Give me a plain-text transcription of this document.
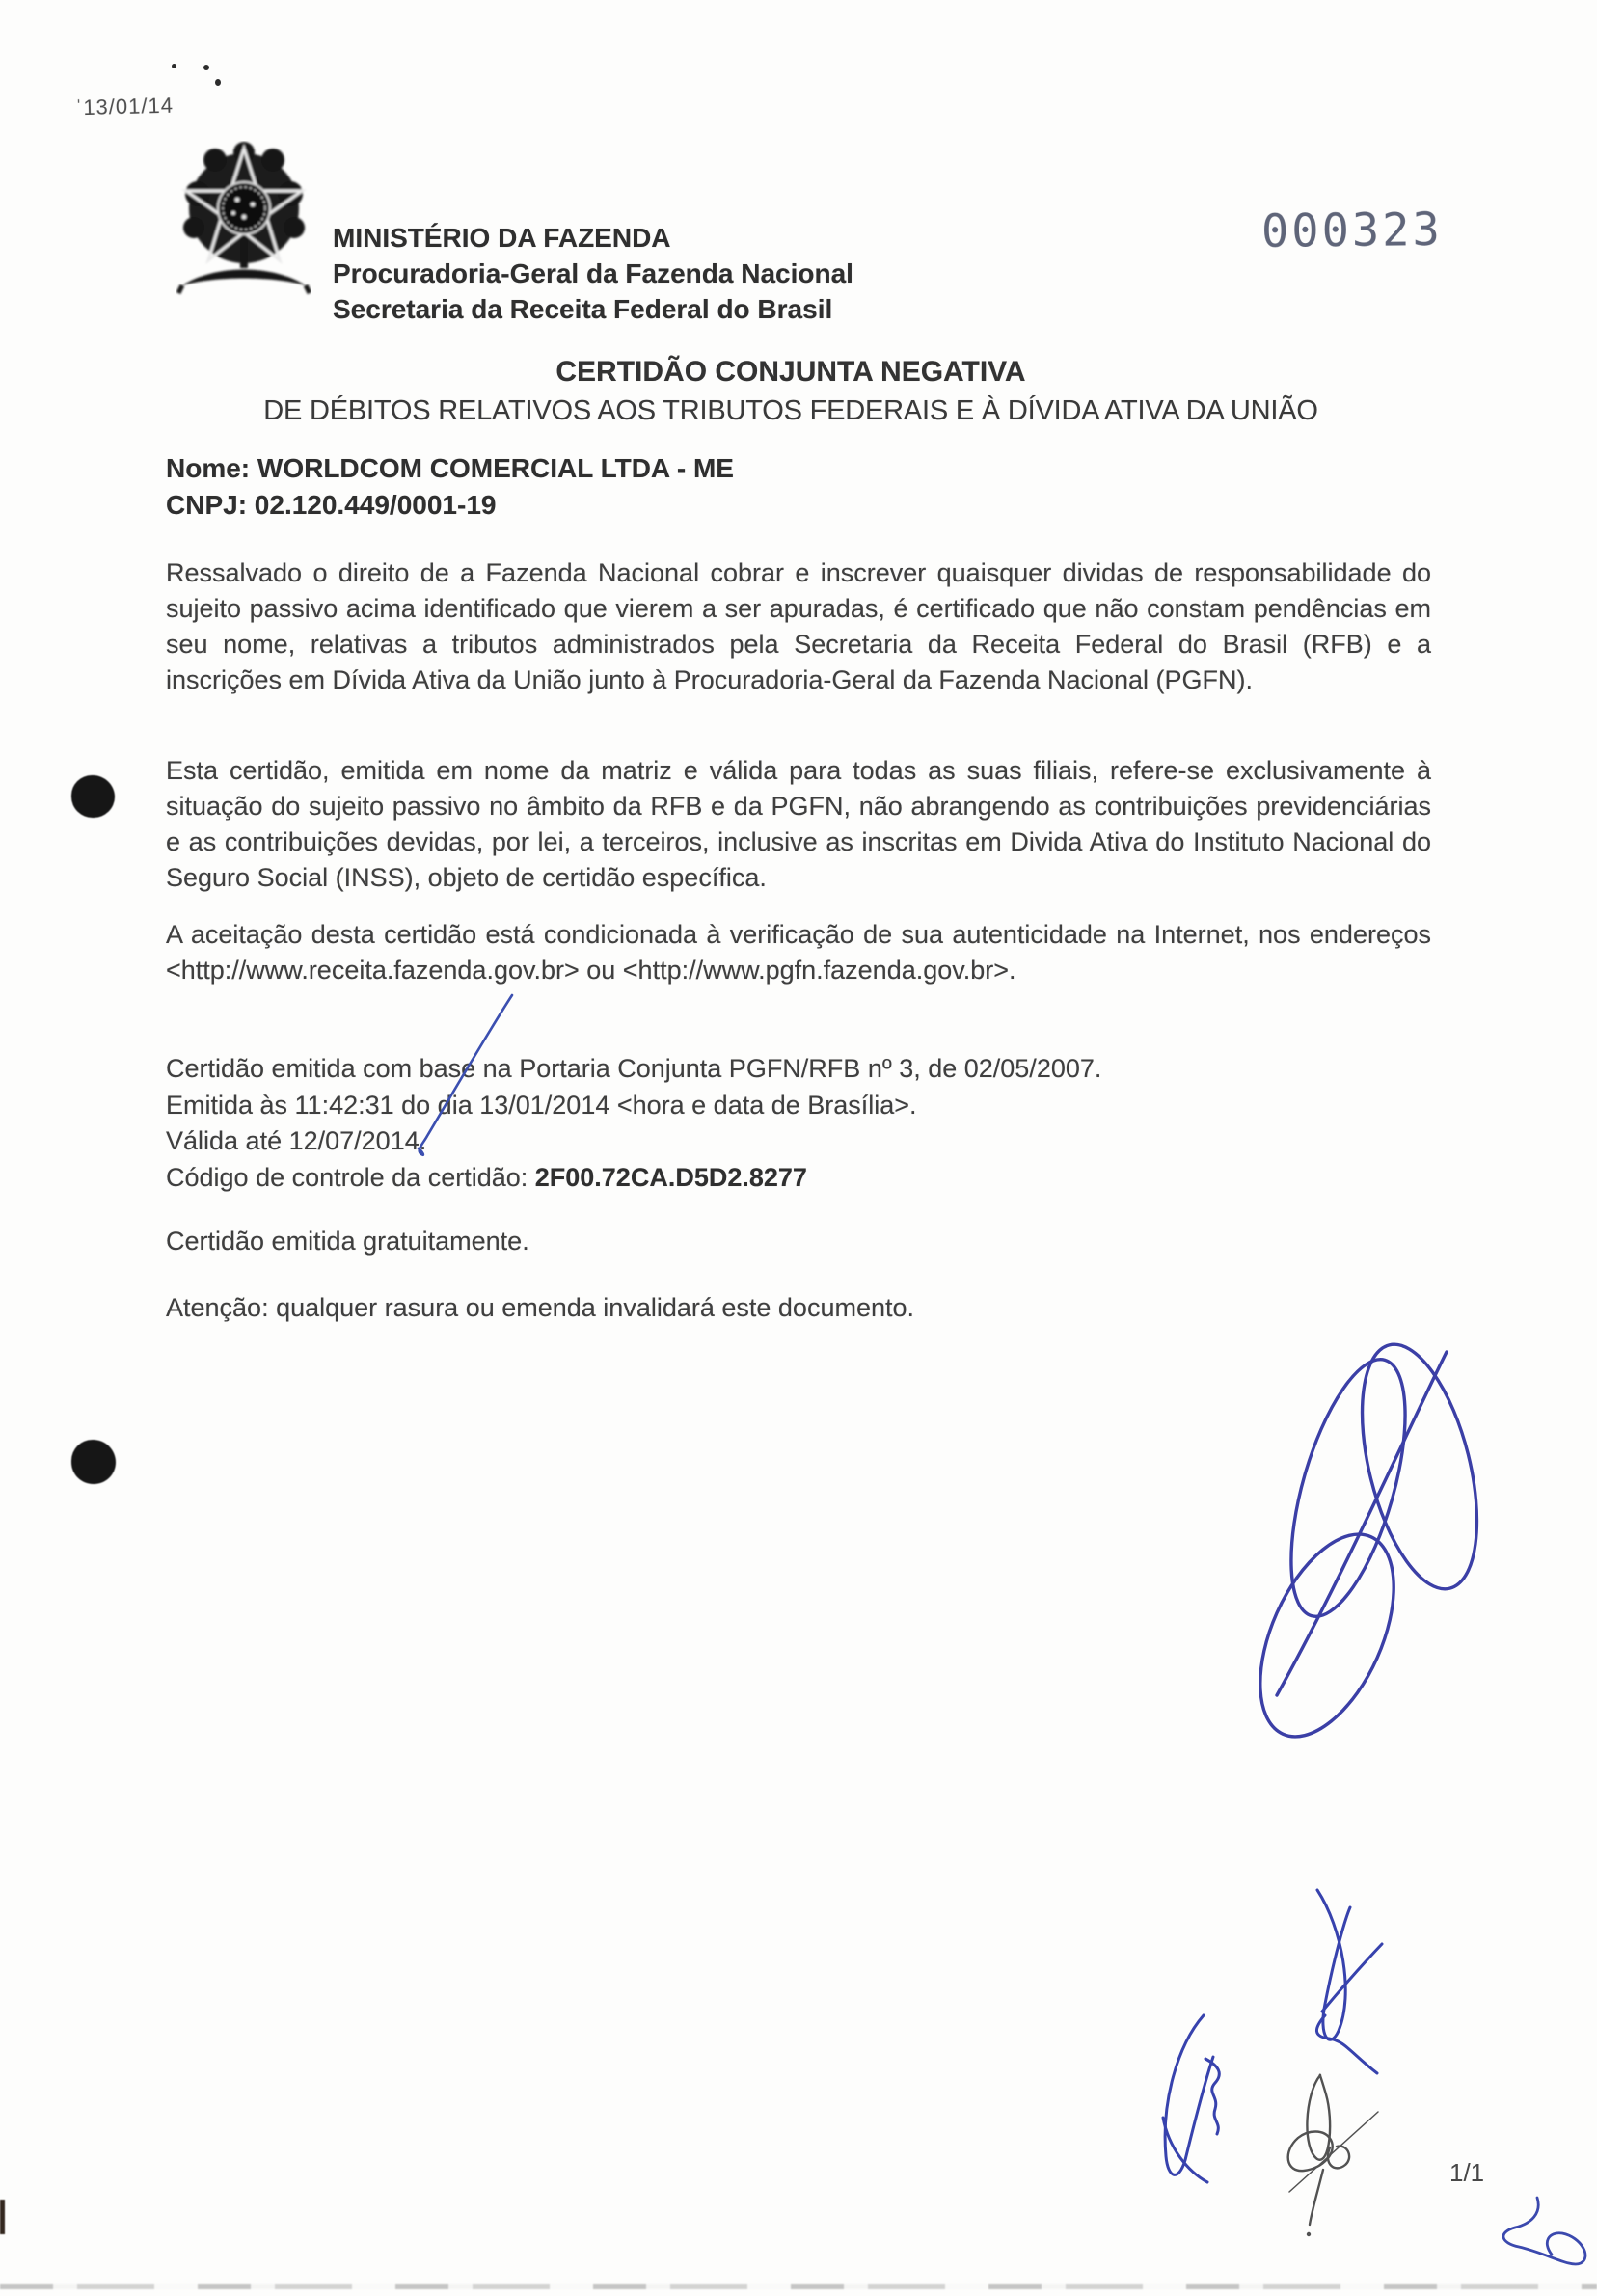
ˈ13/01/14
MINISTÉRIO DA FAZENDA
Procuradoria-Geral da Fazenda Nacional
Secretaria da Receita Federal do Brasil
000323
CERTIDÃO CONJUNTA NEGATIVA
DE DÉBITOS RELATIVOS AOS TRIBUTOS FEDERAIS E À DÍVIDA ATIVA DA UNIÃO
Nome: WORLDCOM COMERCIAL LTDA - ME
CNPJ: 02.120.449/0001-19
Ressalvado o direito de a Fazenda Nacional cobrar e inscrever quaisquer dividas de responsabilidade do sujeito passivo acima identificado que vierem a ser apuradas, é certificado que não constam pendências em seu nome, relativas a tributos administrados pela Secretaria da Receita Federal do Brasil (RFB) e a inscrições em Dívida Ativa da União junto à Procuradoria-Geral da Fazenda Nacional (PGFN).
Esta certidão, emitida em nome da matriz e válida para todas as suas filiais, refere-se exclusivamente à situação do sujeito passivo no âmbito da RFB e da PGFN, não abrangendo as contribuições previdenciárias e as contribuições devidas, por lei, a terceiros, inclusive as inscritas em Divida Ativa do Instituto Nacional do Seguro Social (INSS), objeto de certidão específica.
A aceitação desta certidão está condicionada à verificação de sua autenticidade na Internet, nos endereços <http://www.receita.fazenda.gov.br> ou <http://www.pgfn.fazenda.gov.br>.
Certidão emitida com base na Portaria Conjunta PGFN/RFB nº 3, de 02/05/2007.
Emitida às 11:42:31 do dia 13/01/2014 <hora e data de Brasília>.
Válida até 12/07/2014.
Código de controle da certidão: 2F00.72CA.D5D2.8277
Certidão emitida gratuitamente.
Atenção: qualquer rasura ou emenda invalidará este documento.
1/1
